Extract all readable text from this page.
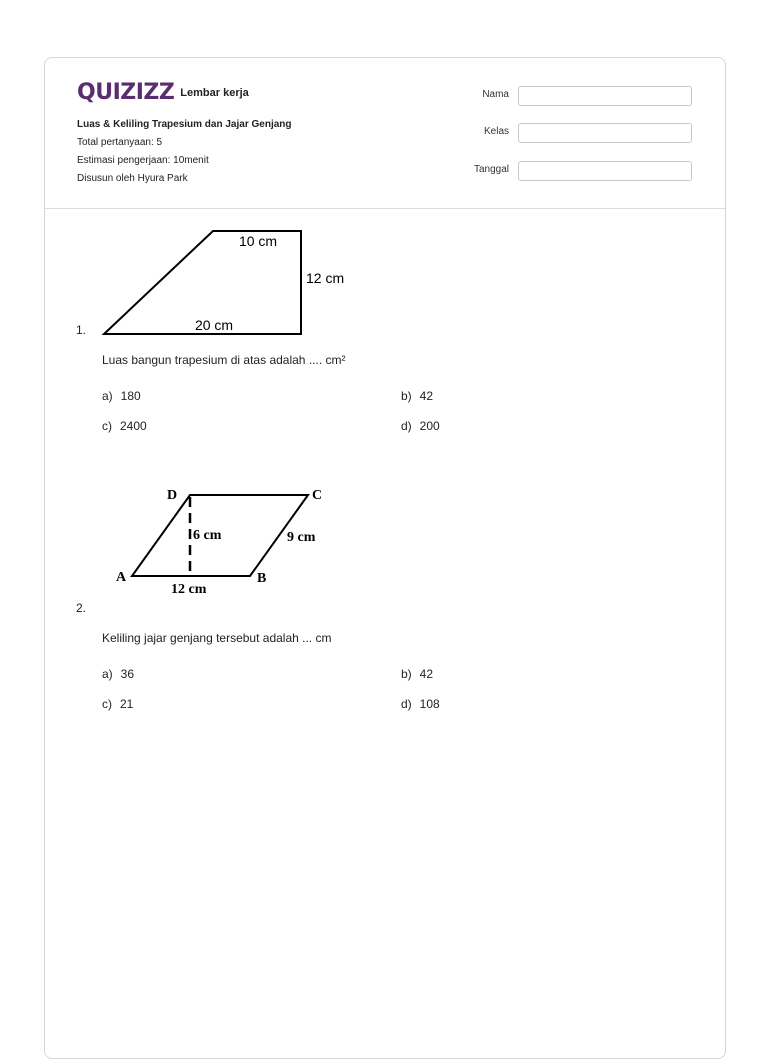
QUIZIZZ Lembar kerja
Luas & Keliling Trapesium dan Jajar Genjang
Total pertanyaan: 5
Estimasi pengerjaan: 10menit
Disusun oleh Hyura Park
Nama
Kelas
Tanggal
10 cm
12 cm
20 cm
1.
Luas bangun trapesium di atas adalah .... cm²
a) 180	b) 42
c) 2400	d) 200
D	C
A	B
6 cm	9 cm
12 cm
2.
Keliling jajar genjang tersebut adalah ... cm
a) 36	b) 42
c) 21	d) 108
